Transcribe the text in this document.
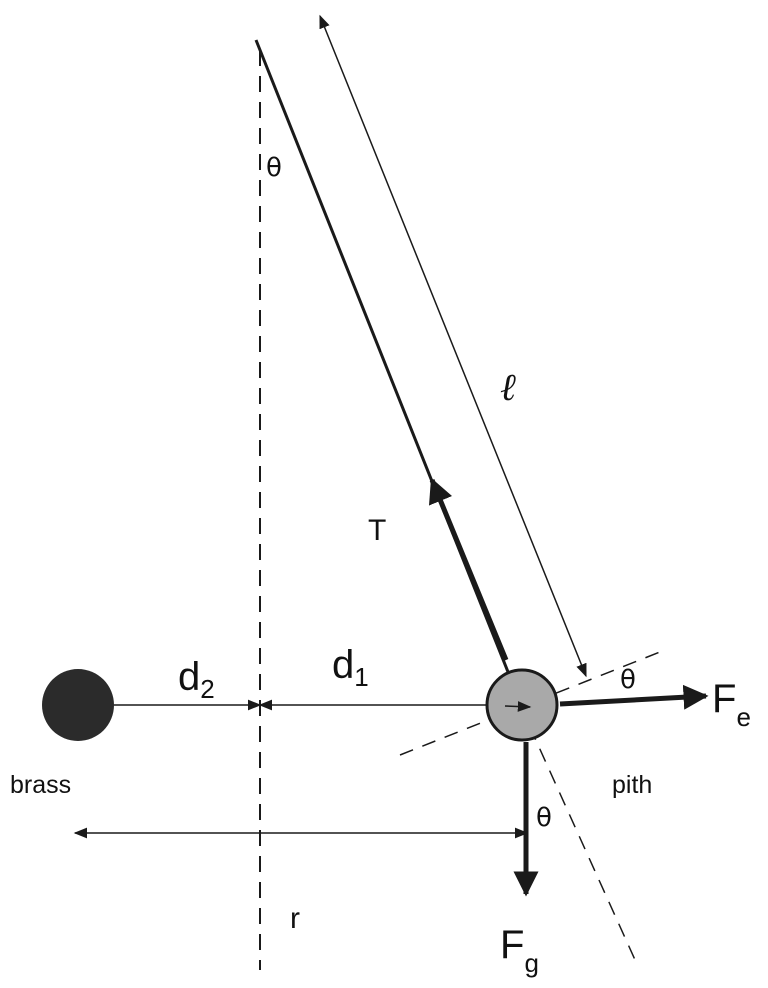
θ
ℓ
T
$d_2$
$d_1$	θ $F_e$
brass	pith
θ
r
$F_g$
